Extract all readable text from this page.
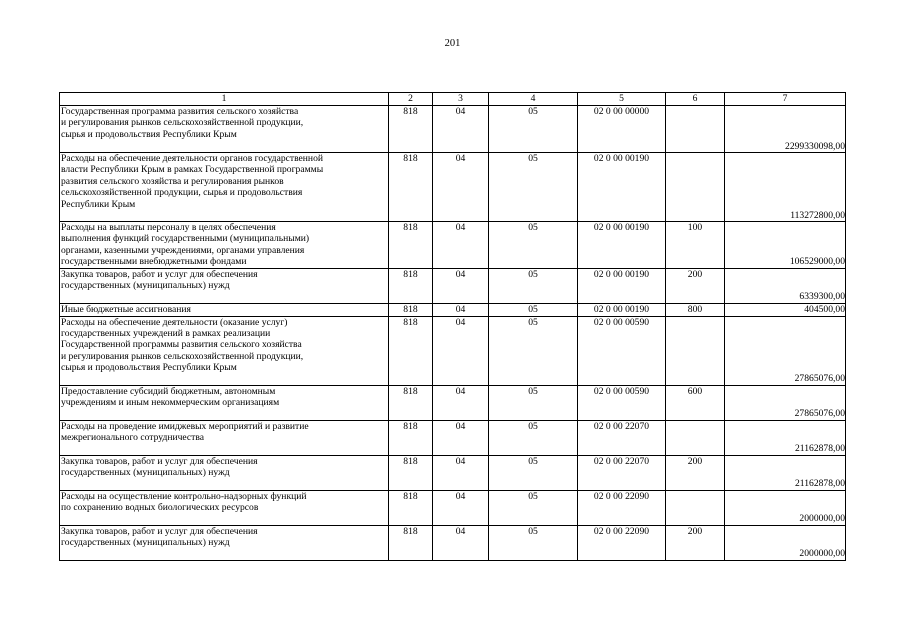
201
1	2	3	4	5	6	7
Государственная программа развития сельского хозяйства
и регулирования рынков сельскохозяйственной продукции,
сырья и продовольствия Республики Крым	818	04	05	02 0 00 00000		2299330098,00
Расходы на обеспечение деятельности органов государственной
власти Республики Крым в рамках Государственной программы
развития сельского хозяйства и регулирования рынков
сельскохозяйственной продукции, сырья и продовольствия
Республики Крым	818	04	05	02 0 00 00190		113272800,00
Расходы на выплаты персоналу в целях обеспечения
выполнения функций государственными (муниципальными)
органами, казенными учреждениями, органами управления
государственными внебюджетными фондами	818	04	05	02 0 00 00190	100	106529000,00
Закупка товаров, работ и услуг для обеспечения
государственных (муниципальных) нужд	818	04	05	02 0 00 00190	200	6339300,00
Иные бюджетные ассигнования	818	04	05	02 0 00 00190	800	404500,00
Расходы на обеспечение деятельности (оказание услуг)
государственных учреждений в рамках реализации
Государственной программы развития сельского хозяйства
и регулирования рынков сельскохозяйственной продукции,
сырья и продовольствия Республики Крым	818	04	05	02 0 00 00590		27865076,00
Предоставление субсидий бюджетным, автономным
учреждениям и иным некоммерческим организациям	818	04	05	02 0 00 00590	600	27865076,00
Расходы на проведение имиджевых мероприятий и развитие
межрегионального сотрудничества	818	04	05	02 0 00 22070		21162878,00
Закупка товаров, работ и услуг для обеспечения
государственных (муниципальных) нужд	818	04	05	02 0 00 22070	200	21162878,00
Расходы на осуществление контрольно-надзорных функций
по сохранению водных биологических ресурсов	818	04	05	02 0 00 22090		2000000,00
Закупка товаров, работ и услуг для обеспечения
государственных (муниципальных) нужд	818	04	05	02 0 00 22090	200	2000000,00
